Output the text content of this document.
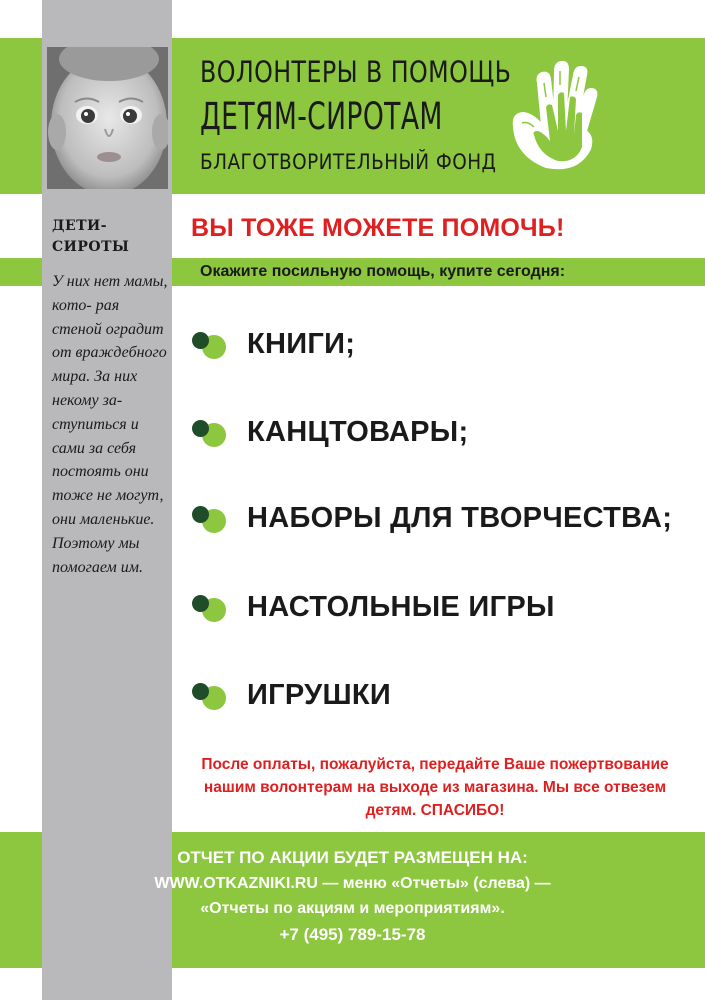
ВОЛОНТЕРЫ В ПОМОЩЬ
ДЕТЯМ-СИРОТАМ
БЛАГОТВОРИТЕЛЬНЫЙ ФОНД
ДЕТИ- СИРОТЫ
У них нет мамы, кото- рая стеной оградит от враждебного мира. За них некому за- ступиться и сами за себя постоять они тоже не могут, они маленькие. Поэтому мы помогаем им.
ВЫ ТОЖЕ МОЖЕТЕ ПОМОЧЬ!
Окажите посильную помощь, купите сегодня:
КНИГИ;
КАНЦТОВАРЫ;
НАБОРЫ ДЛЯ ТВОРЧЕСТВА;
НАСТОЛЬНЫЕ ИГРЫ
ИГРУШКИ
После оплаты, пожалуйста, передайте Ваше пожертвование нашим волонтерам на выходе из магазина. Мы все отвезем детям. СПАСИБО!
ОТЧЕТ ПО АКЦИИ БУДЕТ РАЗМЕЩЕН НА:
WWW.OTKAZNIKI.RU — меню «Отчеты» (слева) —
«Отчеты по акциям и мероприятиям».
+7 (495) 789-15-78
